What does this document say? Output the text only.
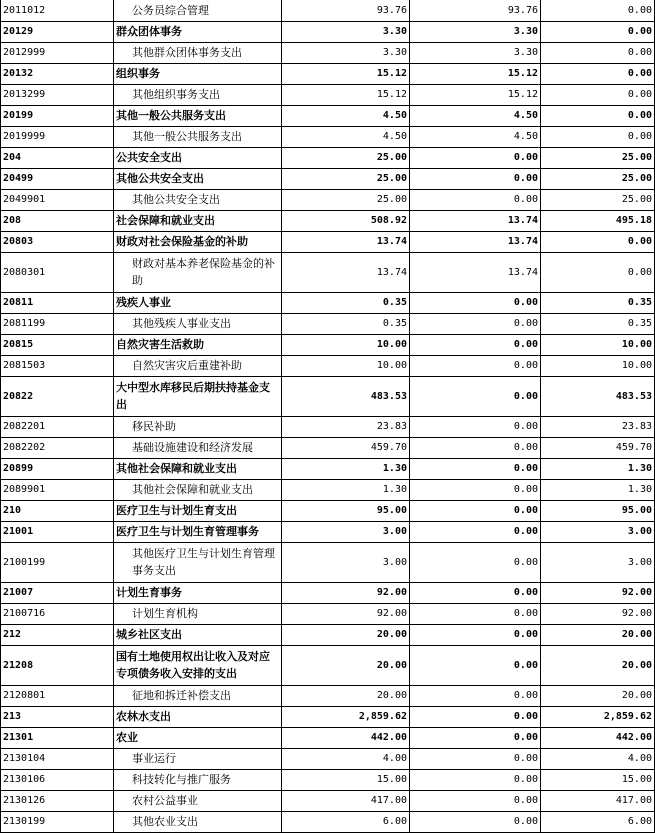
2011012	公务员综合管理	93.76	93.76	0.00
20129	群众团体事务	3.30	3.30	0.00
2012999	其他群众团体事务支出	3.30	3.30	0.00
20132	组织事务	15.12	15.12	0.00
2013299	其他组织事务支出	15.12	15.12	0.00
20199	其他一般公共服务支出	4.50	4.50	0.00
2019999	其他一般公共服务支出	4.50	4.50	0.00
204	公共安全支出	25.00	0.00	25.00
20499	其他公共安全支出	25.00	0.00	25.00
2049901	其他公共安全支出	25.00	0.00	25.00
208	社会保障和就业支出	508.92	13.74	495.18
20803	财政对社会保险基金的补助	13.74	13.74	0.00
2080301	财政对基本养老保险基金的补助	13.74	13.74	0.00
20811	残疾人事业	0.35	0.00	0.35
2081199	其他残疾人事业支出	0.35	0.00	0.35
20815	自然灾害生活救助	10.00	0.00	10.00
2081503	自然灾害灾后重建补助	10.00	0.00	10.00
20822	大中型水库移民后期扶持基金支出	483.53	0.00	483.53
2082201	移民补助	23.83	0.00	23.83
2082202	基础设施建设和经济发展	459.70	0.00	459.70
20899	其他社会保障和就业支出	1.30	0.00	1.30
2089901	其他社会保障和就业支出	1.30	0.00	1.30
210	医疗卫生与计划生育支出	95.00	0.00	95.00
21001	医疗卫生与计划生育管理事务	3.00	0.00	3.00
2100199	其他医疗卫生与计划生育管理事务支出	3.00	0.00	3.00
21007	计划生育事务	92.00	0.00	92.00
2100716	计划生育机构	92.00	0.00	92.00
212	城乡社区支出	20.00	0.00	20.00
21208	国有土地使用权出让收入及对应专项债务收入安排的支出	20.00	0.00	20.00
2120801	征地和拆迁补偿支出	20.00	0.00	20.00
213	农林水支出	2,859.62	0.00	2,859.62
21301	农业	442.00	0.00	442.00
2130104	事业运行	4.00	0.00	4.00
2130106	科技转化与推广服务	15.00	0.00	15.00
2130126	农村公益事业	417.00	0.00	417.00
2130199	其他农业支出	6.00	0.00	6.00
